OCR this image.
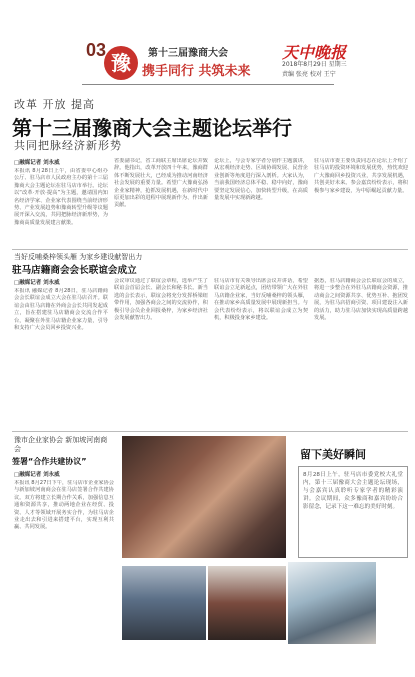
03
豫	第十三届豫商大会
携手同行 共筑未来
天中晚报
2018年8月29日 星期三
责编 张亮 校对 王宁
改革 开放 提高
第十三届豫商大会主题论坛举行
共同把脉经济新形势
□融媒记者 刘永威
本报讯 8月28日上午，由省委中心组办公厅、驻马店市人民政府主办的第十三届豫商大会主题论坛在驻马店市举行。论坛以“改革·开放·提高”为主题，邀请国内知名经济学家、企业家代表围绕当前经济形势、产业发展趋势和豫商转型升级等议题展开深入交流，共同把脉经济新形势，为豫商高质量发展建言献策。
省委副书记，省工商联主席出席论坛并致辞。他指出，改革开放四十年来，豫商群体不断发展壮大，已经成为推动河南经济社会发展的重要力量。希望广大豫商弘扬企业家精神，抢抓发展机遇，在新时代中原更加出彩的进程中展现新作为、作出新贡献。
论坛上，与会专家学者分别作主题演讲，从宏观经济走势、区域协调发展、民营企业创新等角度进行深入剖析。大家认为，当前我国经济总体平稳、稳中向好，豫商要坚定发展信心，加快转型升级，在高质量发展中实现新跨越。
驻马店市委主要负责同志在论坛上介绍了驻马店的投资环境和发展优势，热忱欢迎广大豫商回乡投资兴业，共享发展机遇，共创美好未来。参会嘉宾纷纷表示，将积极参与家乡建设，为中原崛起贡献力量。
当好反哺桑梓领头雁 为家乡建设献智出力
驻马店籍商会会长联谊会成立
□融媒记者 刘永威
本报讯 融媒记者 8月28日，驻马店籍商会会长联谊会成立大会在驻马店召开。联谊会由驻马店籍在外商会会长共同发起成立，旨在搭建驻马店籍商会交流合作平台，凝聚在外驻马店籍企业家力量，引导和支持广大会员回乡投资兴业。
会议审议通过了联谊会章程，选举产生了联谊会首届会长、副会长和秘书长。新当选的会长表示，联谊会将充分发挥桥梁纽带作用，加强各商会之间的交流协作，积极引导会员企业回报桑梓，为家乡经济社会发展献智出力。
驻马店市有关领导出席会议并讲话，希望联谊会立足新起点，团结带领广大在外驻马店籍企业家，当好反哺桑梓的领头雁，在推动家乡高质量发展中展现新担当。与会代表纷纷表示，将以联谊会成立为契机，积极投身家乡建设。
据悉，驻马店籍商会会长联谊会的成立，将进一步整合在外驻马店籍商会资源，推动商会之间资源共享、优势互补、抱团发展，为驻马店招商引资、项目建设注入新的活力，助力驻马店加快实现高质量跨越发展。
豫市企业家协会 新加坡河南商会
签署“合作共建协议”
□融媒记者 刘永威
本报讯 8月27日下午，驻马店市企业家协会与新加坡河南商会在驻马店签署合作共建协议。双方将建立长期合作关系，加强信息互通和资源共享，推动两地企业在经贸、投资、人才等领域开展务实合作，为驻马店企业走出去和引进来搭建平台，实现互利共赢、共同发展。
留下美好瞬间
8月28日上午，驻马店市委党校大礼堂内，第十三届豫商大会主题论坛现场，与会嘉宾认真聆听专家学者的精彩演讲。会议期间，众多豫商和嘉宾纷纷合影留念，记录下这一难忘的美好时刻。
